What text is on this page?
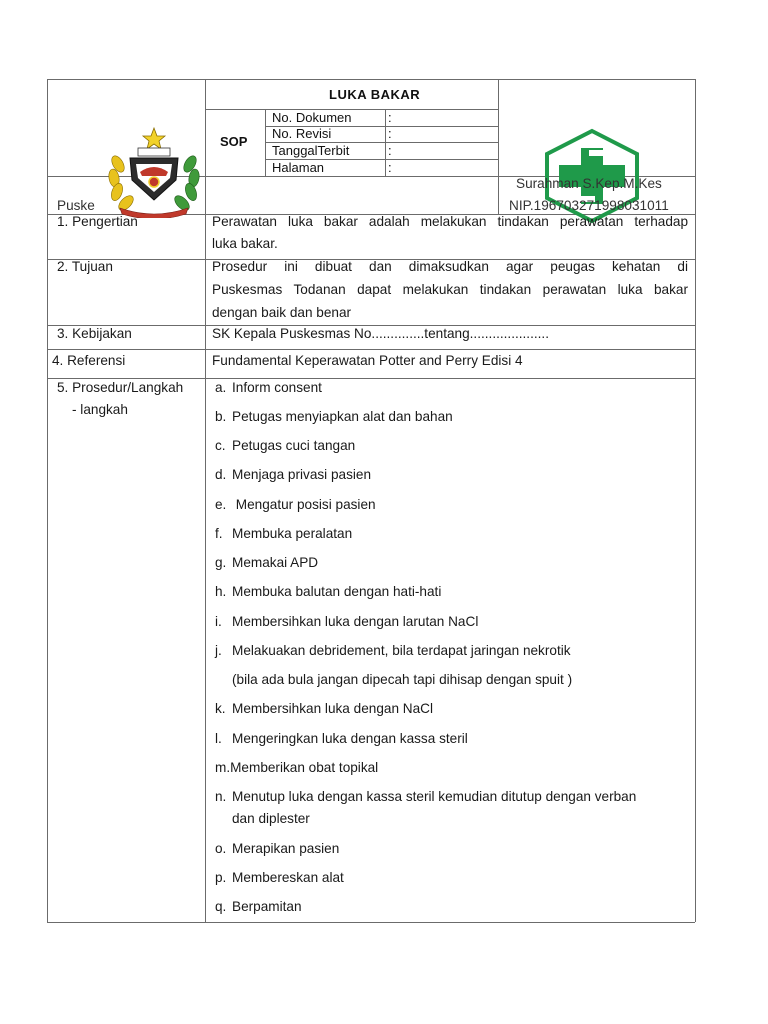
LUKA BAKAR
SOP
No. Dokumen	:
No. Revisi	:
TanggalTerbit	:
Halaman	:
Puske
Surahman S.Kep.M.Kes
NIP.196703271998031011
1. Pengertian	Perawatan luka bakar adalah melakukan tindakan perawatan terhadap
luka bakar.
2. Tujuan	Prosedur ini dibuat dan dimaksudkan agar peugas kehatan di
Puskesmas Todanan dapat melakukan tindakan perawatan luka bakar
dengan baik dan benar
3. Kebijakan	SK Kepala Puskesmas No..............tentang.....................
4. Referensi	Fundamental Keperawatan Potter and Perry Edisi 4
5. Prosedur/Langkah
- langkah
a. Inform consent
b. Petugas menyiapkan alat dan bahan
c. Petugas cuci tangan
d. Menjaga privasi pasien
e. Mengatur posisi pasien
f. Membuka peralatan
g. Memakai APD
h. Membuka balutan dengan hati-hati
i. Membersihkan luka dengan larutan NaCl
j. Melakuakan debridement, bila terdapat jaringan nekrotik
(bila ada bula jangan dipecah tapi dihisap dengan spuit )
k. Membersihkan luka dengan NaCl
l. Mengeringkan luka dengan kassa steril
m.Memberikan obat topikal
n. Menutup luka dengan kassa steril kemudian ditutup dengan verban
dan diplester
o. Merapikan pasien
p. Membereskan alat
q. Berpamitan
